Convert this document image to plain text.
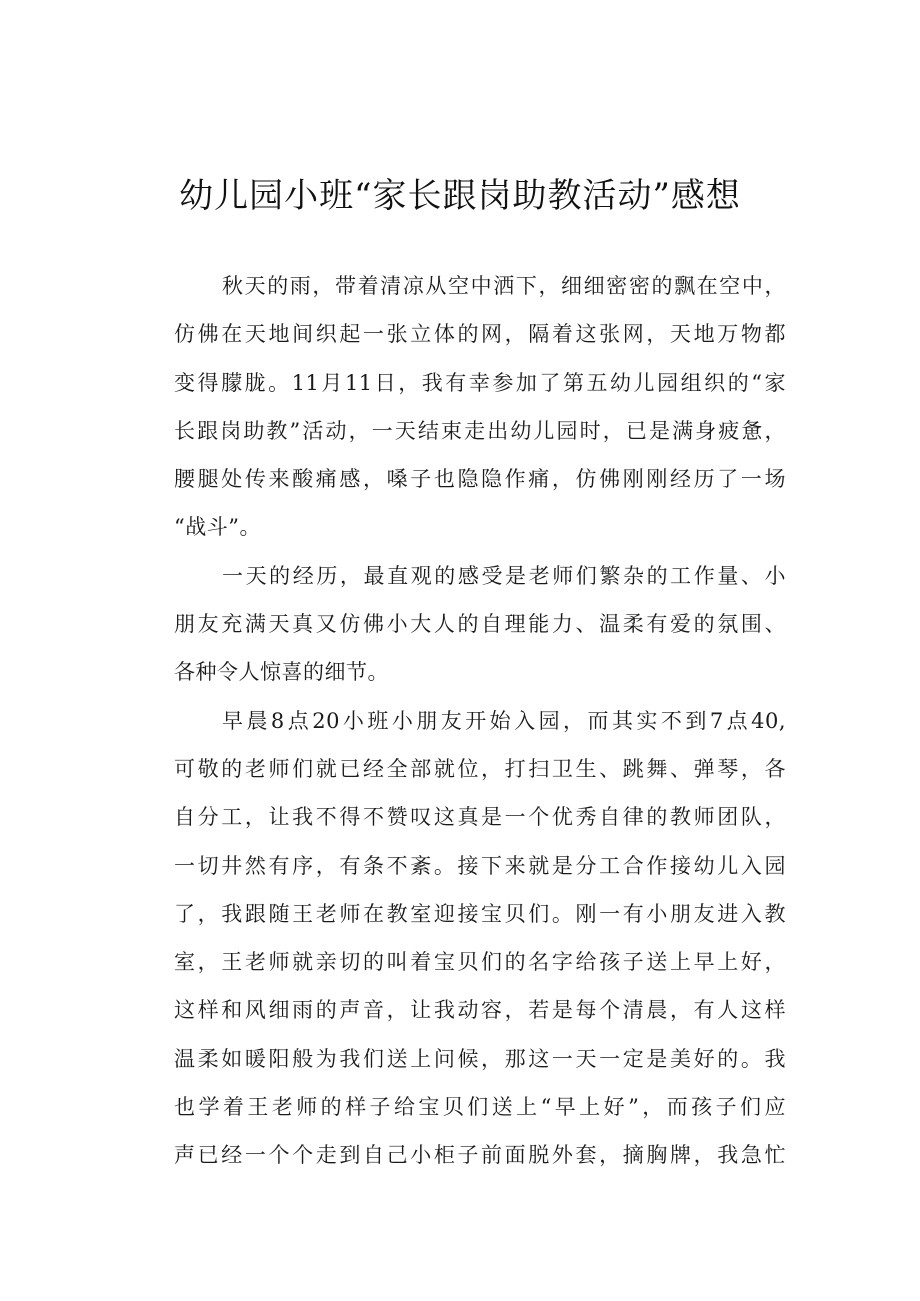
幼儿园小班“家长跟岗助教活动”感想
秋天的雨，带着清凉从空中洒下，细细密密的飘在空中，
仿佛在天地间织起一张立体的网，隔着这张网，天地万物都
变得朦胧。11月11日，我有幸参加了第五幼儿园组织的“家
长跟岗助教”活动，一天结束走出幼儿园时，已是满身疲惫，
腰腿处传来酸痛感，嗓子也隐隐作痛，仿佛刚刚经历了一场
“战斗”。
一天的经历，最直观的感受是老师们繁杂的工作量、小
朋友充满天真又仿佛小大人的自理能力、温柔有爱的氛围、
各种令人惊喜的细节。
早晨8点20小班小朋友开始入园，而其实不到7点40,
可敬的老师们就已经全部就位，打扫卫生、跳舞、弹琴，各
自分工，让我不得不赞叹这真是一个优秀自律的教师团队，
一切井然有序，有条不紊。接下来就是分工合作接幼儿入园
了，我跟随王老师在教室迎接宝贝们。刚一有小朋友进入教
室，王老师就亲切的叫着宝贝们的名字给孩子送上早上好，
这样和风细雨的声音，让我动容，若是每个清晨，有人这样
温柔如暖阳般为我们送上问候，那这一天一定是美好的。我
也学着王老师的样子给宝贝们送上“早上好”，而孩子们应
声已经一个个走到自己小柜子前面脱外套，摘胸牌，我急忙
